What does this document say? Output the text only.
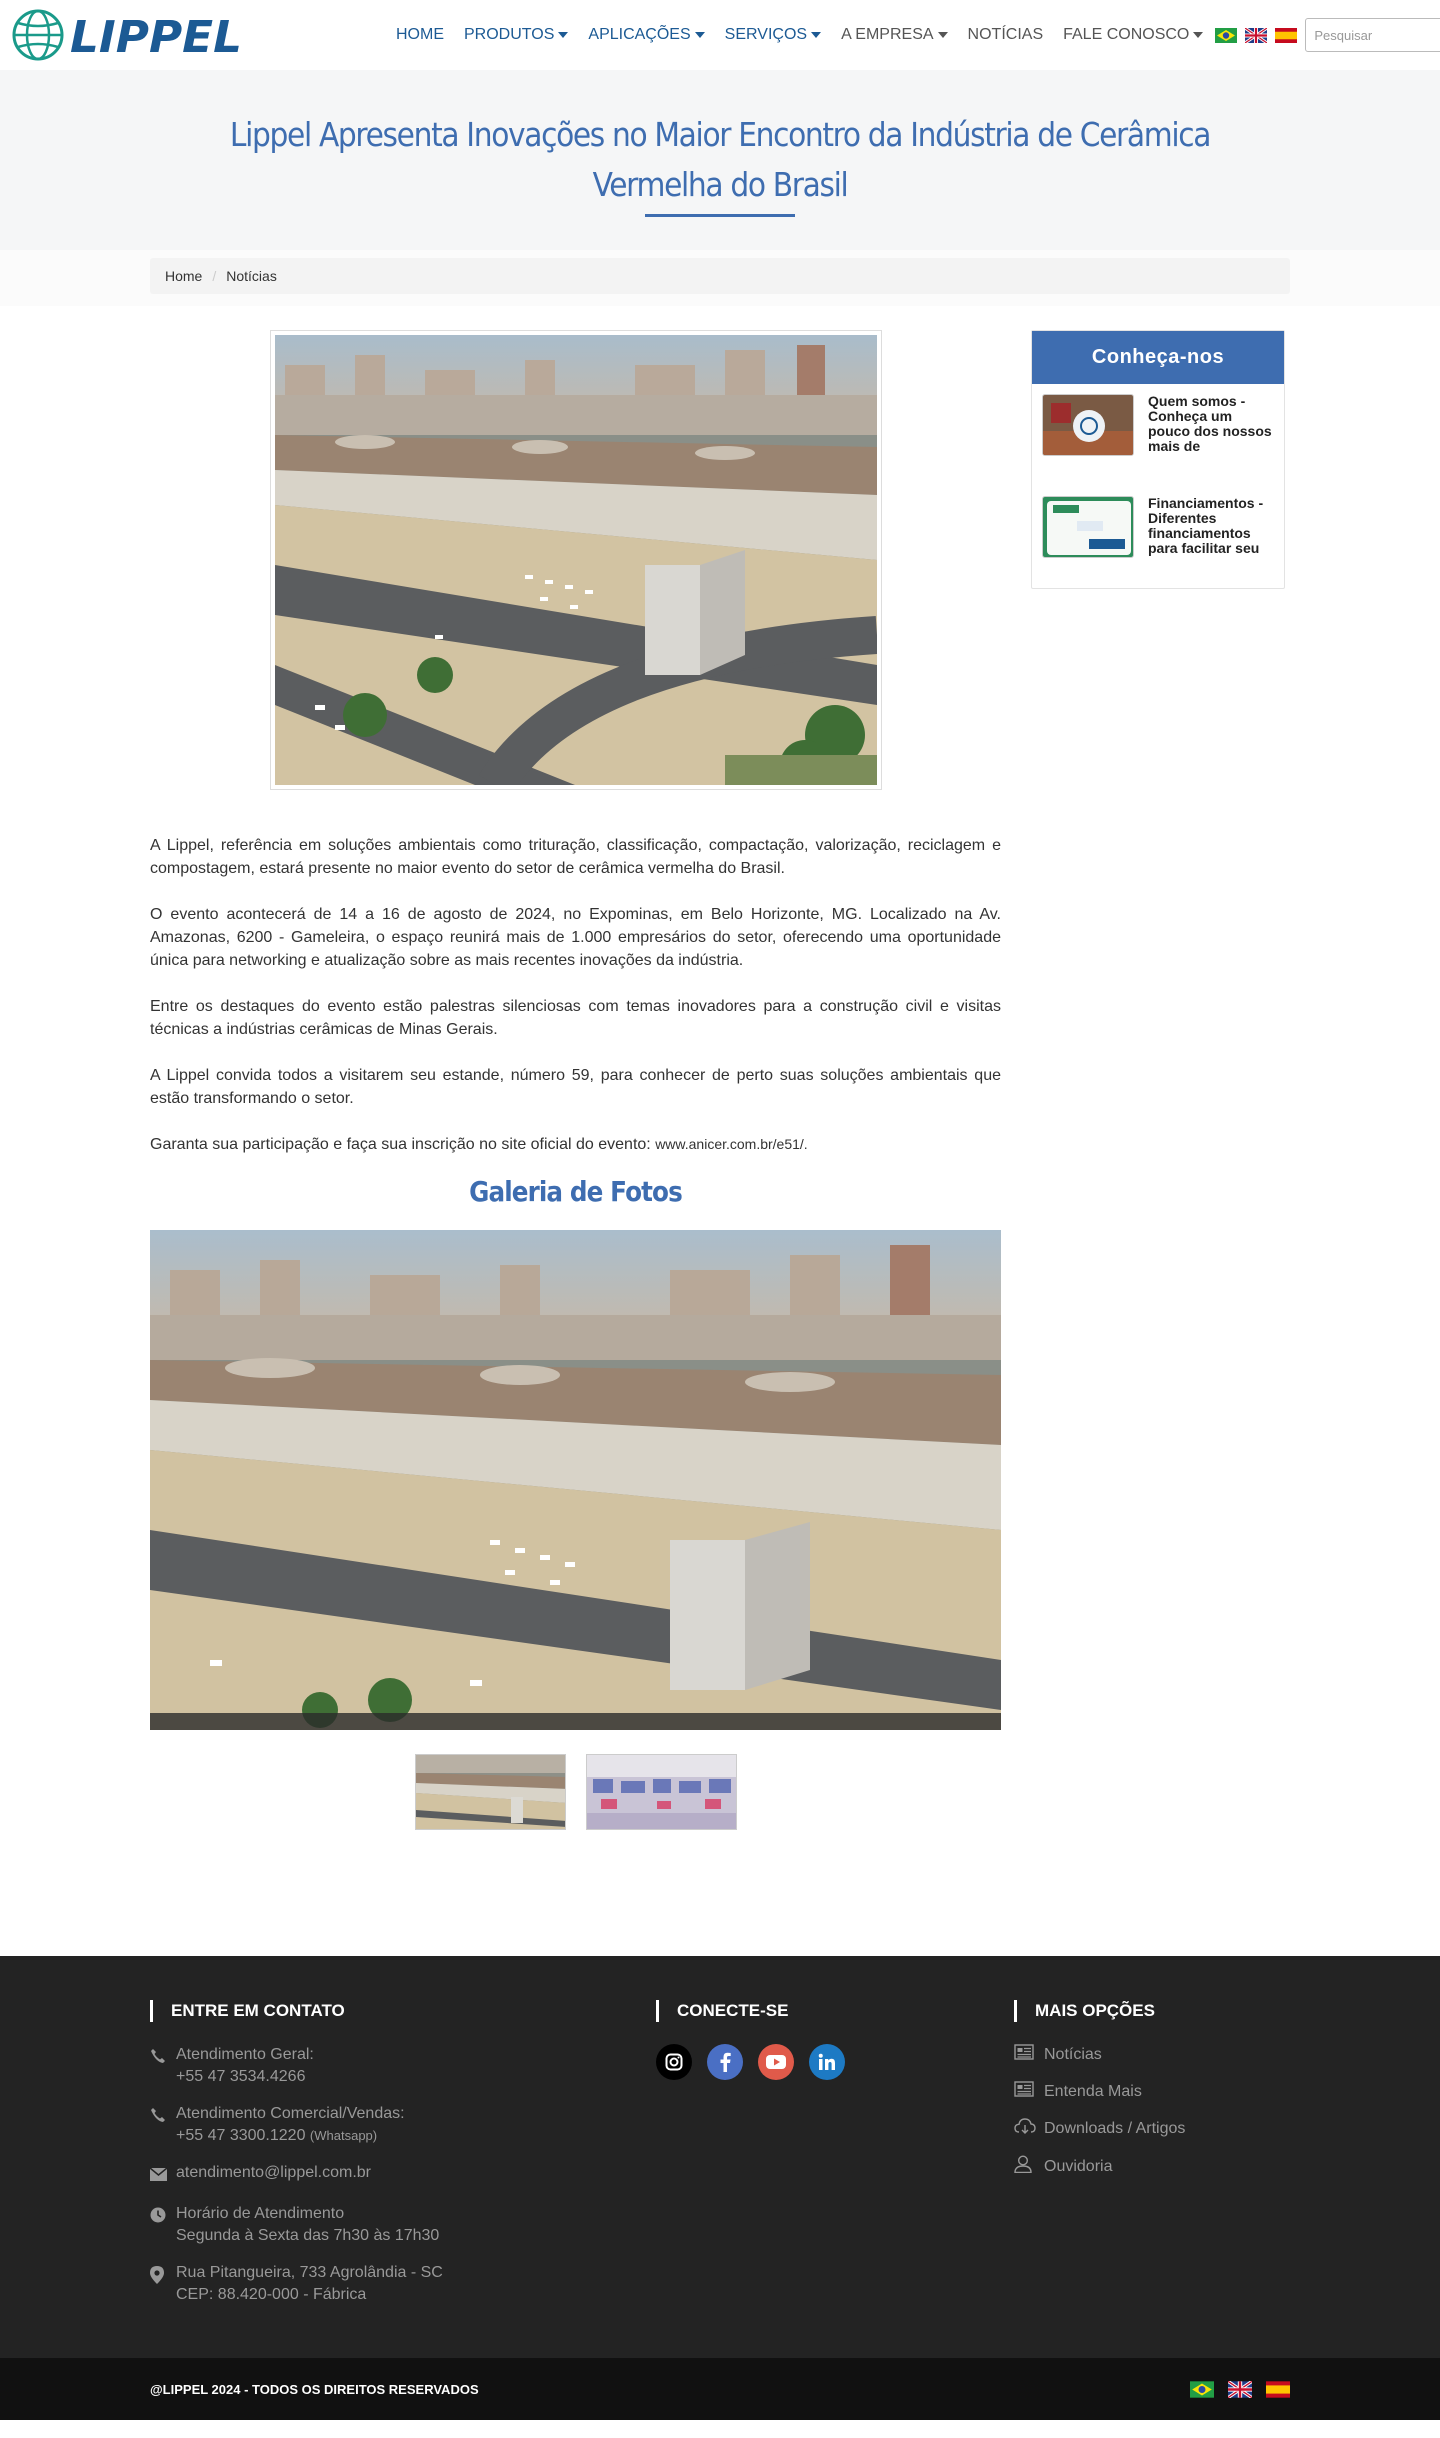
LIPPEL	HOME PRODUTOS APLICAÇÕES SERVIÇOS A EMPRESA NOTÍCIAS FALE CONOSCO
Pesquisar
Lippel Apresenta Inovações no Maior Encontro da Indústria de Cerâmica Vermelha do Brasil
Home / Notícias

A Lippel, referência em soluções ambientais como trituração, classificação, compactação, valorização, reciclagem e compostagem, estará presente no maior evento do setor de cerâmica vermelha do Brasil.

O evento acontecerá de 14 a 16 de agosto de 2024, no Expominas, em Belo Horizonte, MG. Localizado na Av. Amazonas, 6200 - Gameleira, o espaço reunirá mais de 1.000 empresários do setor, oferecendo uma oportunidade única para networking e atualização sobre as mais recentes inovações da indústria.

Entre os destaques do evento estão palestras silenciosas com temas inovadores para a construção civil e visitas técnicas a indústrias cerâmicas de Minas Gerais.

A Lippel convida todos a visitarem seu estande, número 59, para conhecer de perto suas soluções ambientais que estão transformando o setor.

Garanta sua participação e faça sua inscrição no site oficial do evento: www.anicer.com.br/e51/.

Galeria de Fotos
Conheça-nos
Quem somos - Conheça um pouco dos nossos mais de
Financiamentos - Diferentes financiamentos para facilitar seu
ENTRE EM CONTATO
Atendimento Geral:
+55 47 3534.4266
Atendimento Comercial/Vendas:
+55 47 3300.1220 (Whatsapp)
atendimento@lippel.com.br
Horário de Atendimento
Segunda à Sexta das 7h30 às 17h30
Rua Pitangueira, 733 Agrolândia - SC
CEP: 88.420-000 - Fábrica
CONECTE-SE	MAIS OPÇÕES
Notícias
Entenda Mais
Downloads / Artigos
Ouvidoria
@LIPPEL 2024 - TODOS OS DIREITOS RESERVADOS
